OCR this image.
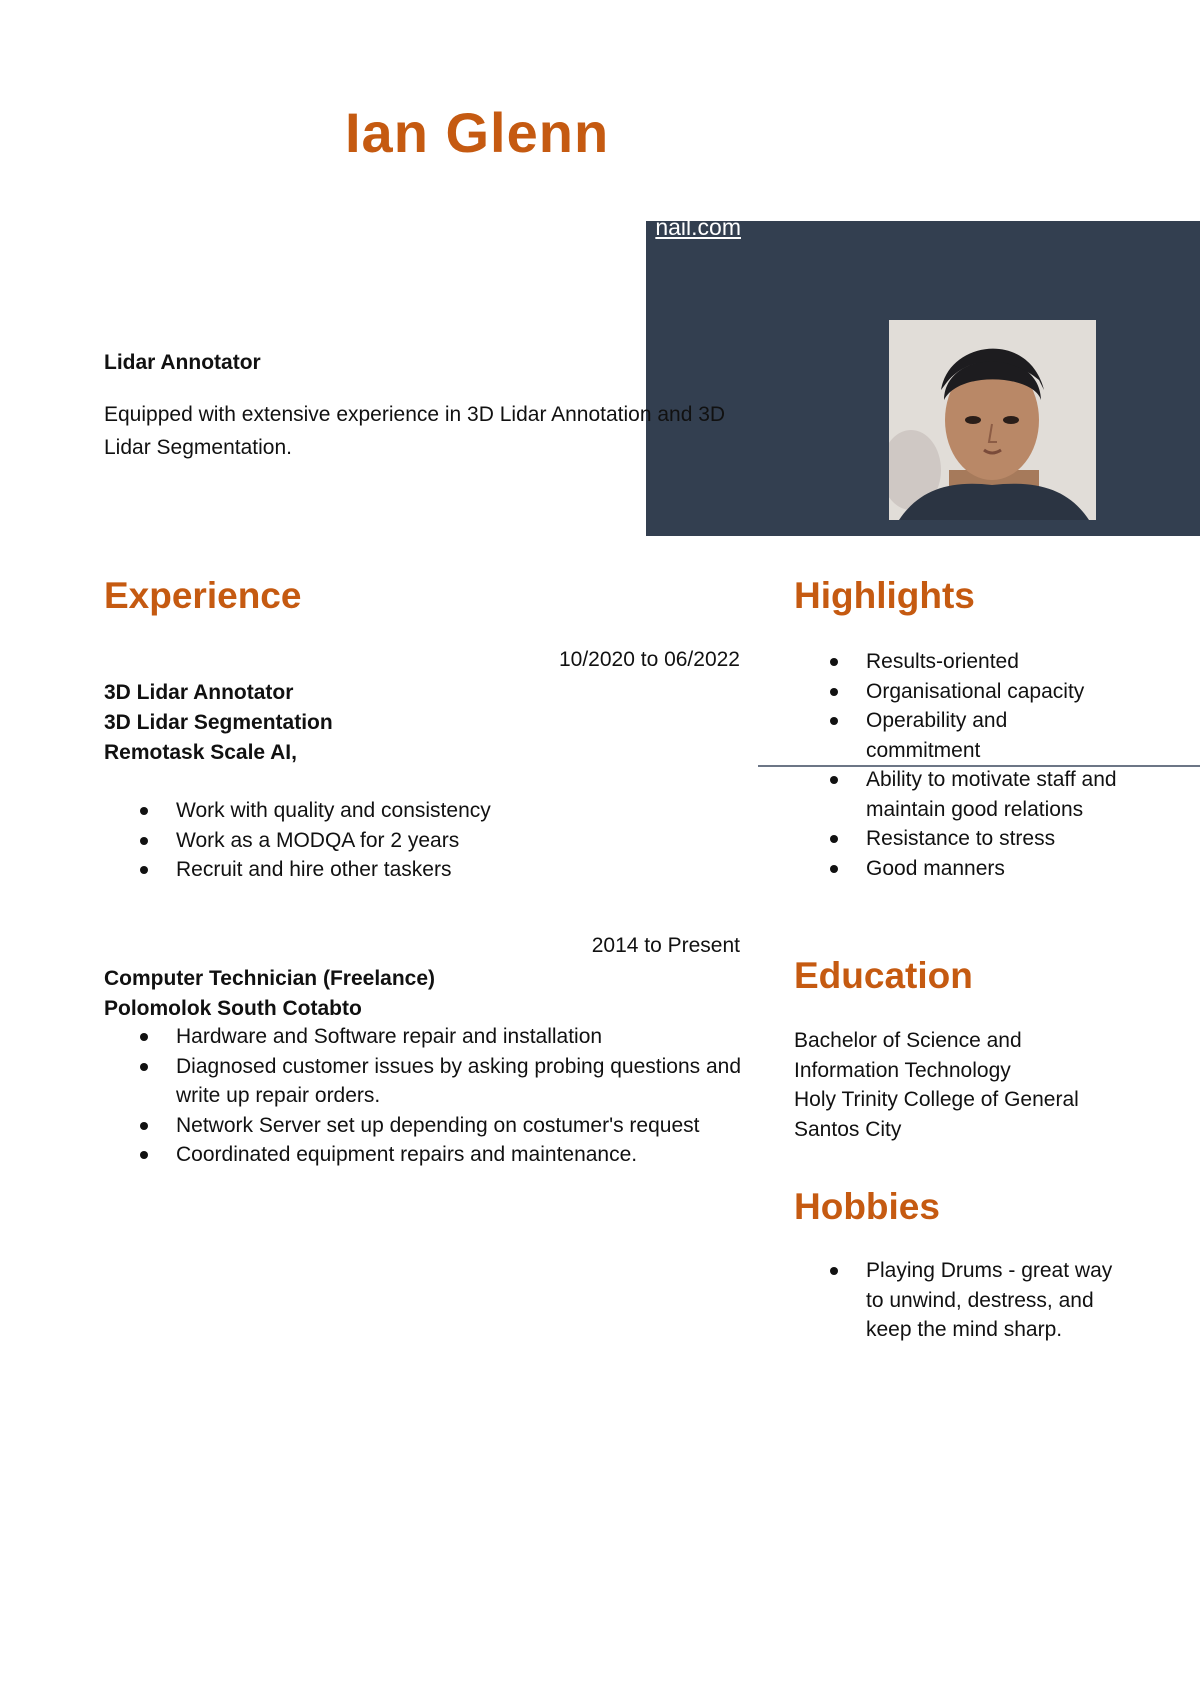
Ian Glenn
nail.com
Lidar Annotator
Equipped with extensive experience in 3D Lidar Annotation and 3D Lidar Segmentation.
Experience
10/2020 to 06/2022
3D Lidar Annotator
3D Lidar Segmentation
Remotask Scale AI,
Work with quality and consistency
Work as a MODQA for 2 years
Recruit and hire other taskers
2014 to Present
Computer Technician (Freelance)
Polomolok South Cotabto
Hardware and Software repair and installation
Diagnosed customer issues by asking probing questions and write up repair orders.
Network Server set up depending on costumer's request
Coordinated equipment repairs and maintenance.
Highlights
Results-oriented
Organisational capacity
Operability and commitment
Ability to motivate staff and maintain good relations
Resistance to stress
Good manners
Education
Bachelor of Science and Information Technology
Holy Trinity College of General Santos City
Hobbies
Playing Drums - great way to unwind, destress, and keep the mind sharp.
